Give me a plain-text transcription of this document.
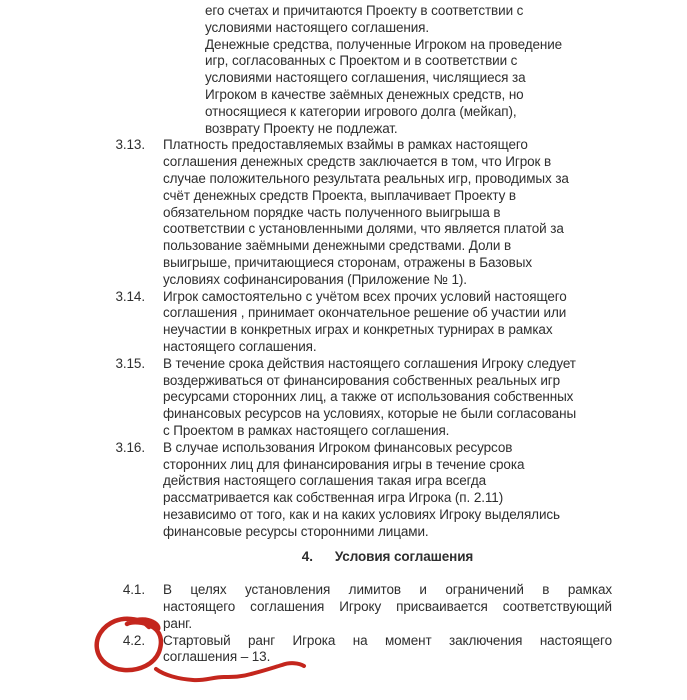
его счетах и причитаются Проекту в соответствии с
условиями настоящего соглашения.
Денежные средства, полученные Игроком на проведение
игр, согласованных с Проектом и в соответствии с
условиями настоящего соглашения, числящиеся за
Игроком в качестве заёмных денежных средств, но
относящиеся к категории игрового долга (мейкап),
возврату Проекту не подлежат.
3.13.	Платность предоставляемых взаймы в рамках настоящего
соглашения денежных средств заключается в том, что Игрок в
случае положительного результата реальных игр, проводимых за
счёт денежных средств Проекта, выплачивает Проекту в
обязательном порядке часть полученного выигрыша в
соответствии с установленными долями, что является платой за
пользование заёмными денежными средствами. Доли в
выигрыше, причитающиеся сторонам, отражены в Базовых
условиях софинансирования (Приложение № 1).
3.14.	Игрок самостоятельно с учётом всех прочих условий настоящего
соглашения , принимает окончательное решение об участии или
неучастии в конкретных играх и конкретных турнирах в рамках
настоящего соглашения.
3.15.	В течение срока действия настоящего соглашения Игроку следует
воздерживаться от финансирования собственных реальных игр
ресурсами сторонних лиц, а также от использования собственных
финансовых ресурсов на условиях, которые не были согласованы
с Проектом в рамках настоящего соглашения.
3.16.	В случае использования Игроком финансовых ресурсов
сторонних лиц для финансирования игры в течение срока
действия настоящего соглашения такая игра всегда
рассматривается как собственная игра Игрока (п. 2.11)
независимо от того, как и на каких условиях Игроку выделялись
финансовые ресурсы сторонними лицами.
4. Условия соглашения
4.1.	В целях установления лимитов и ограничений в рамках
настоящего соглашения Игроку присваивается соответствующий
ранг.
4.2.	Стартовый ранг Игрока на момент заключения настоящего
соглашения – 13.
